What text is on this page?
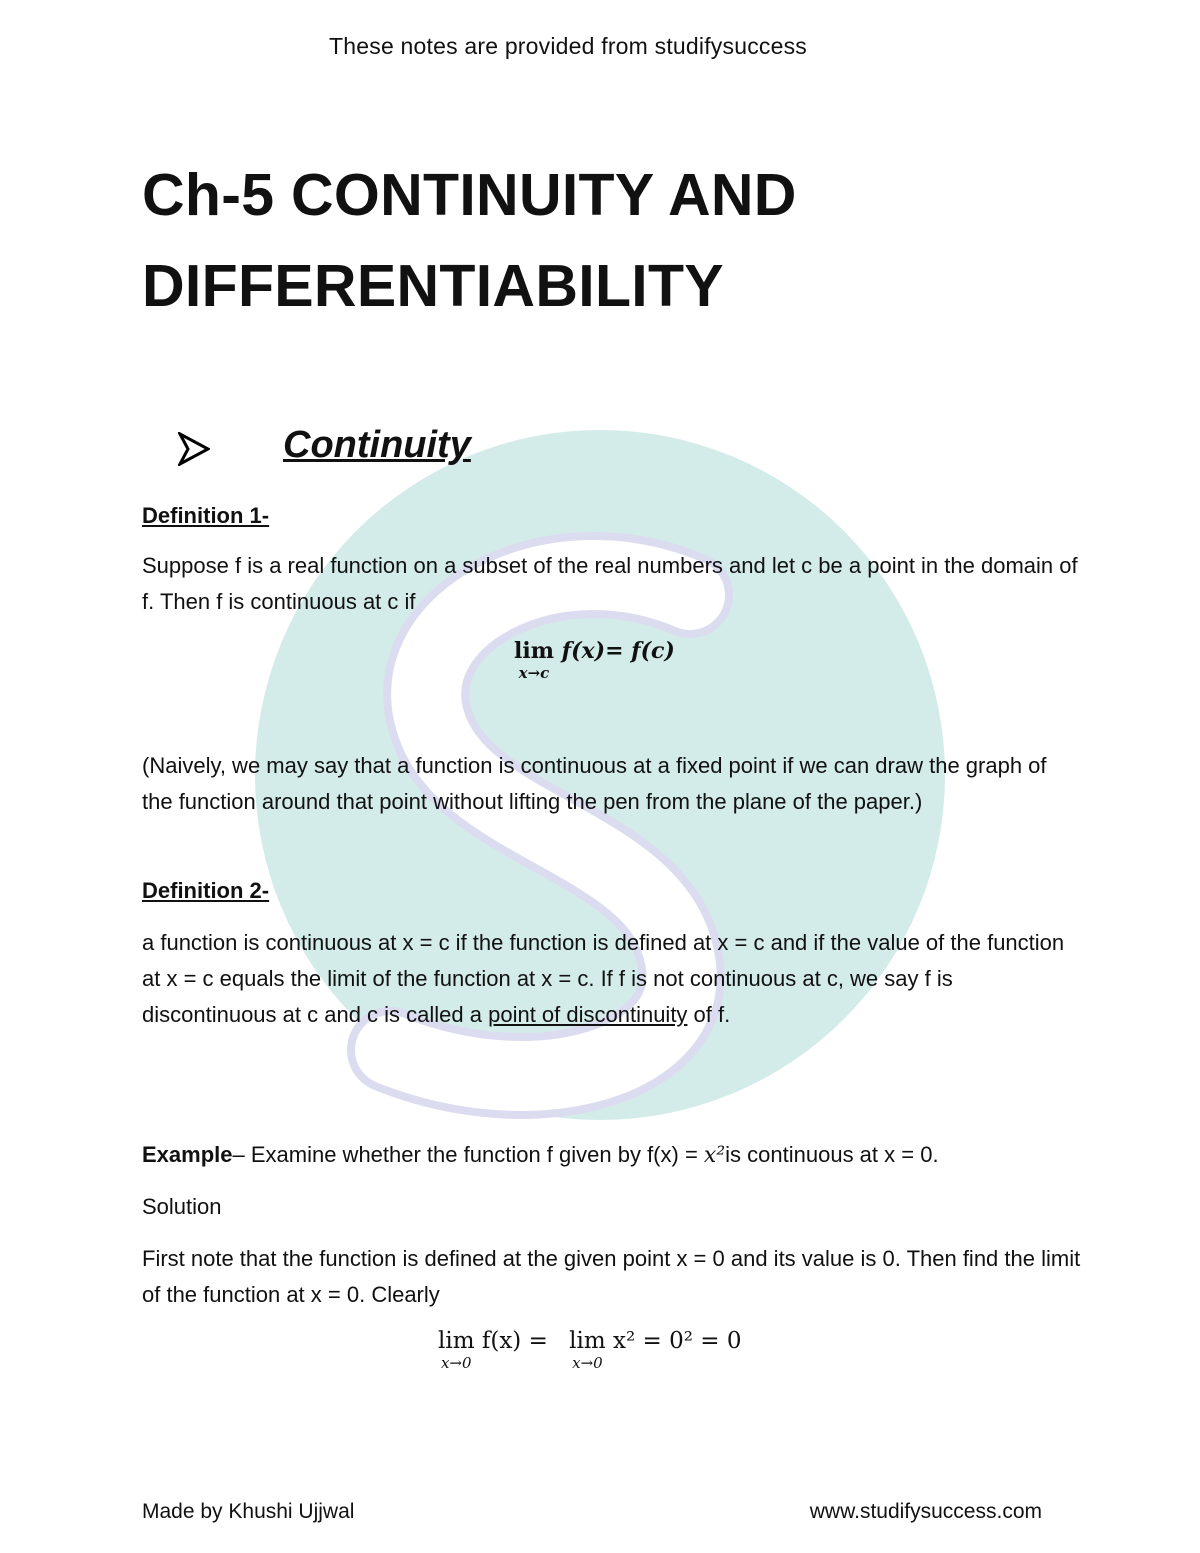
These notes are provided from studifysuccess
Ch-5 CONTINUITY AND
DIFFERENTIABILITY
Continuity
Definition 1-
Suppose f is a real function on a subset of the real numbers and let c be a point in the domain of f. Then f is continuous at c if
lim
x→c
f(x)= f(c)
(Naively, we may say that a function is continuous at a fixed point if we can draw the graph of the function around that point without lifting the pen from the plane of the paper.)
Definition 2-
a function is continuous at x = c if the function is defined at x = c and if the value of the function at x = c equals the limit of the function at x = c. If f is not continuous at c, we say f is discontinuous at c and c is called a point of discontinuity of f.
Example– Examine whether the function f given by f(x) = x²is continuous at x = 0.
Solution
First note that the function is defined at the given point x = 0 and its value is 0. Then find the limit of the function at x = 0. Clearly
lim
x→0
f(x) = lim
x→0
x² = 0² = 0
Made by Khushi Ujjwal	www.studifysuccess.com
